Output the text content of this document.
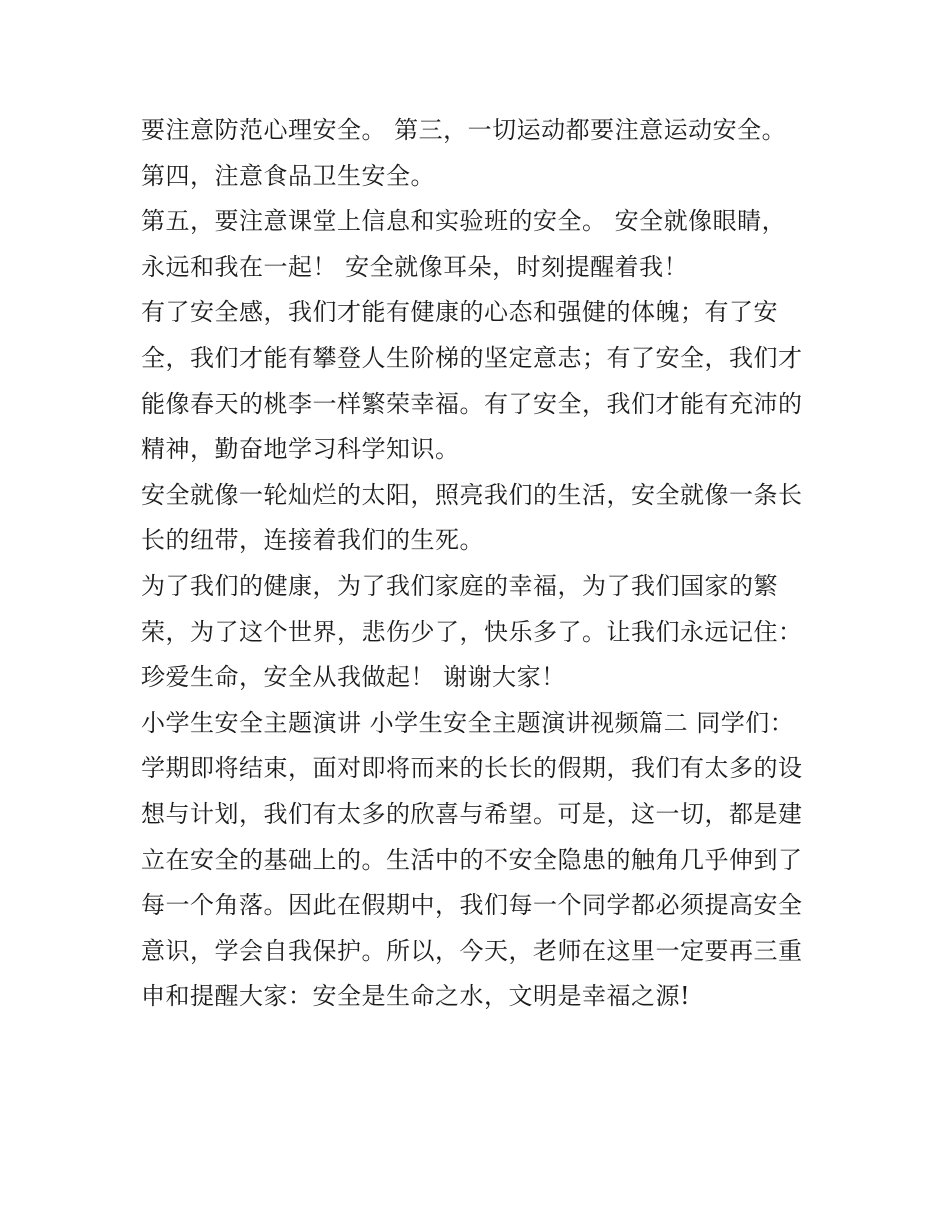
要注意防范心理安全。 第三，一切运动都要注意运动安全。
第四，注意食品卫生安全。
第五，要注意课堂上信息和实验班的安全。 安全就像眼睛，
永远和我在一起！ 安全就像耳朵，时刻提醒着我！
有了安全感，我们才能有健康的心态和强健的体魄；有了安
全，我们才能有攀登人生阶梯的坚定意志；有了安全，我们才
能像春天的桃李一样繁荣幸福。有了安全，我们才能有充沛的
精神，勤奋地学习科学知识。
安全就像一轮灿烂的太阳，照亮我们的生活，安全就像一条长
长的纽带，连接着我们的生死。
为了我们的健康，为了我们家庭的幸福，为了我们国家的繁
荣，为了这个世界，悲伤少了，快乐多了。让我们永远记住：
珍爱生命，安全从我做起！ 谢谢大家！
小学生安全主题演讲 小学生安全主题演讲视频篇二 同学们：
学期即将结束，面对即将而来的长长的假期，我们有太多的设
想与计划，我们有太多的欣喜与希望。可是，这一切，都是建
立在安全的基础上的。生活中的不安全隐患的触角几乎伸到了
每一个角落。因此在假期中，我们每一个同学都必须提高安全
意识，学会自我保护。所以，今天，老师在这里一定要再三重
申和提醒大家：安全是生命之水，文明是幸福之源!
